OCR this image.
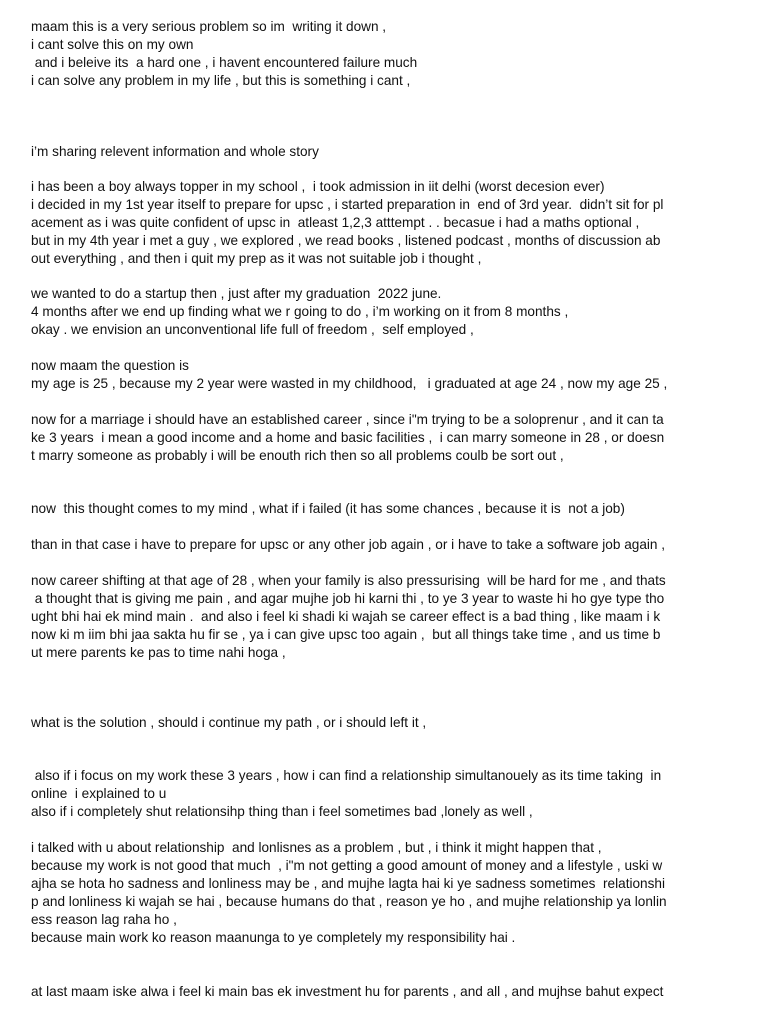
maam this is a very serious problem so im  writing it down ,
i cant solve this on my own
and i beleive its  a hard one , i havent encountered failure much
i can solve any problem in my life , but this is something i cant ,
i’m sharing relevent information and whole story
i has been a boy always topper in my school ,  i took admission in iit delhi (worst decesion ever)
i decided in my 1st year itself to prepare for upsc , i started preparation in  end of 3rd year.  didn’t sit for pl
acement as i was quite confident of upsc in  atleast 1,2,3 atttempt . . becasue i had a maths optional ,
but in my 4th year i met a guy , we explored , we read books , listened podcast , months of discussion ab
out everything , and then i quit my prep as it was not suitable job i thought ,
we wanted to do a startup then , just after my graduation  2022 june.
4 months after we end up finding what we r going to do , i’m working on it from 8 months ,
okay . we envision an unconventional life full of freedom ,  self employed ,
now maam the question is
my age is 25 , because my 2 year were wasted in my childhood,   i graduated at age 24 , now my age 25 ,
now for a marriage i should have an established career , since i"m trying to be a soloprenur , and it can ta
ke 3 years  i mean a good income and a home and basic facilities ,  i can marry someone in 28 , or doesn
t marry someone as probably i will be enouth rich then so all problems coulb be sort out ,
now  this thought comes to my mind , what if i failed (it has some chances , because it is  not a job)
than in that case i have to prepare for upsc or any other job again , or i have to take a software job again ,
now career shifting at that age of 28 , when your family is also pressurising  will be hard for me , and thats
a thought that is giving me pain , and agar mujhe job hi karni thi , to ye 3 year to waste hi ho gye type tho
ught bhi hai ek mind main .  and also i feel ki shadi ki wajah se career effect is a bad thing , like maam i k
now ki m iim bhi jaa sakta hu fir se , ya i can give upsc too again ,  but all things take time , and us time b
ut mere parents ke pas to time nahi hoga ,
what is the solution , should i continue my path , or i should left it ,
also if i focus on my work these 3 years , how i can find a relationship simultanouely as its time taking  in
online  i explained to u
also if i completely shut relationsihp thing than i feel sometimes bad ,lonely as well ,
i talked with u about relationship  and lonlisnes as a problem , but , i think it might happen that ,
because my work is not good that much  , i"m not getting a good amount of money and a lifestyle , uski w
ajha se hota ho sadness and lonliness may be , and mujhe lagta hai ki ye sadness sometimes  relationshi
p and lonliness ki wajah se hai , because humans do that , reason ye ho , and mujhe relationship ya lonlin
ess reason lag raha ho ,
because main work ko reason maanunga to ye completely my responsibility hai .
at last maam iske alwa i feel ki main bas ek investment hu for parents , and all , and mujhse bahut expect
